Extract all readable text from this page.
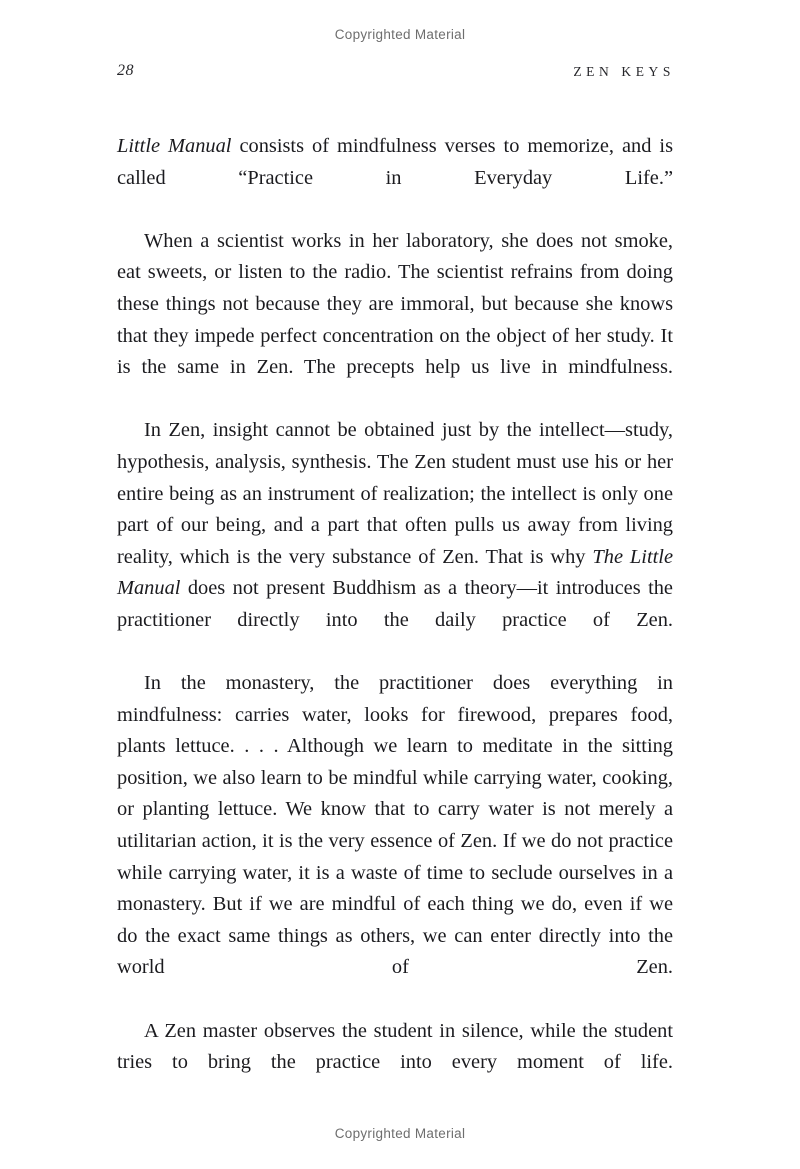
Copyrighted Material
28	ZEN KEYS

Little Manual consists of mindfulness verses to memorize, and is called “Practice in Everyday Life.”

When a scientist works in her laboratory, she does not smoke, eat sweets, or listen to the radio. The scientist refrains from doing these things not because they are immoral, but because she knows that they impede perfect concentration on the object of her study. It is the same in Zen. The precepts help us live in mindfulness.

In Zen, insight cannot be obtained just by the intellect—study, hypothesis, analysis, synthesis. The Zen student must use his or her entire being as an instrument of realization; the intellect is only one part of our being, and a part that often pulls us away from living reality, which is the very substance of Zen. That is why The Little Manual does not present Buddhism as a theory—it introduces the practitioner directly into the daily practice of Zen.

In the monastery, the practitioner does everything in mindfulness: carries water, looks for firewood, prepares food, plants lettuce. . . . Although we learn to meditate in the sitting position, we also learn to be mindful while carrying water, cooking, or planting lettuce. We know that to carry water is not merely a utilitarian action, it is the very essence of Zen. If we do not practice while carrying water, it is a waste of time to seclude ourselves in a monastery. But if we are mindful of each thing we do, even if we do the exact same things as others, we can enter directly into the world of Zen.

A Zen master observes the student in silence, while the student tries to bring the practice into every moment of life.

Copyrighted Material
